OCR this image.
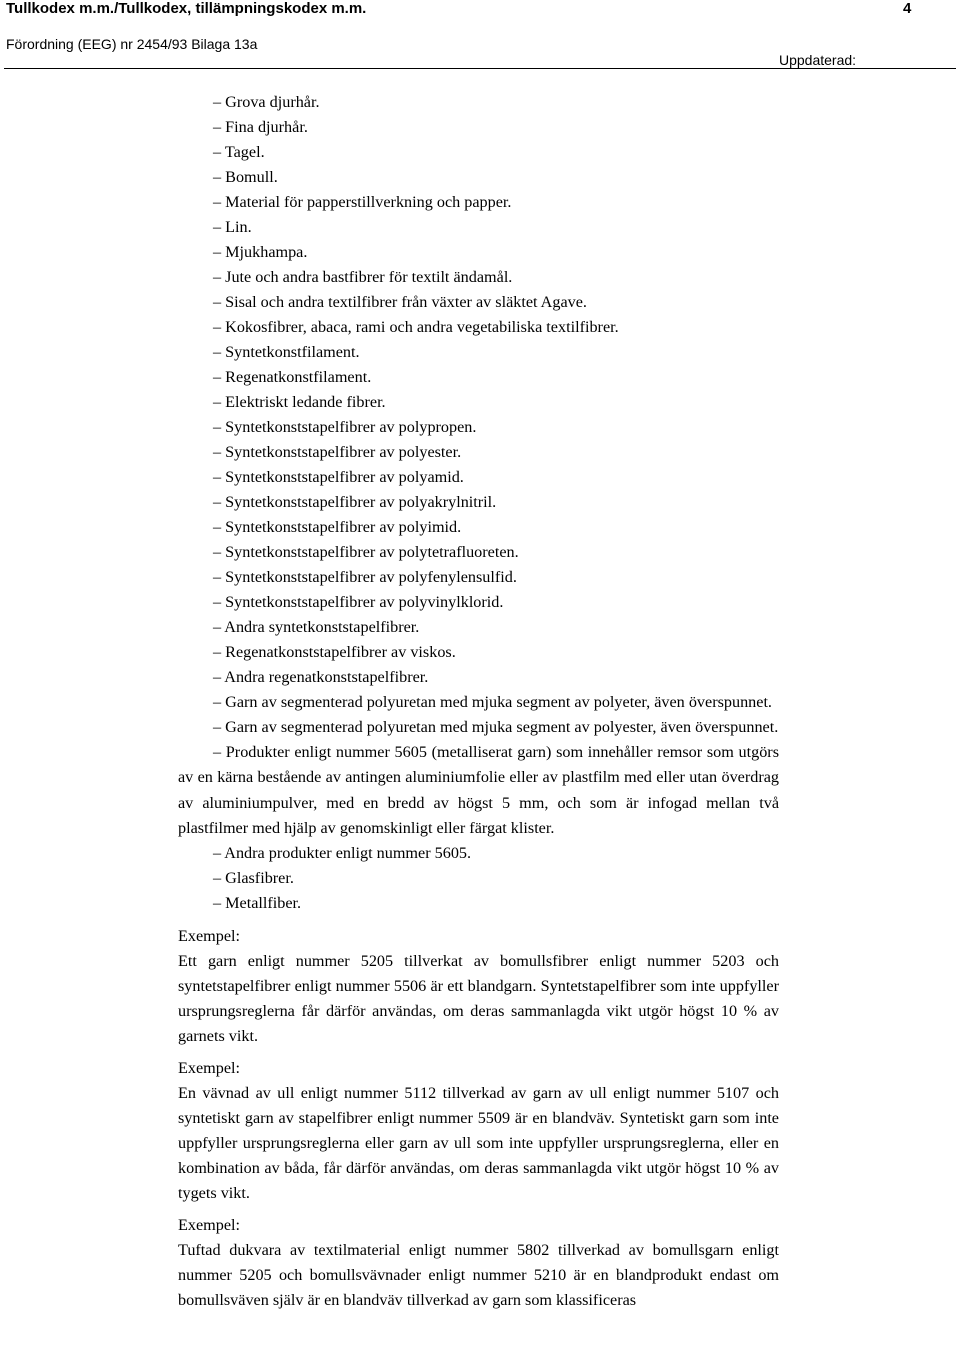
Tullkodex m.m./Tullkodex, tillämpningskodex m.m.	4
Förordning (EEG) nr 2454/93 Bilaga 13a
Uppdaterad:
– Grova djurhår.
– Fina djurhår.
– Tagel.
– Bomull.
– Material för papperstillverkning och papper.
– Lin.
– Mjukhampa.
– Jute och andra bastfibrer för textilt ändamål.
– Sisal och andra textilfibrer från växter av släktet Agave.
– Kokosfibrer, abaca, rami och andra vegetabiliska textilfibrer.
– Syntetkonstfilament.
– Regenatkonstfilament.
– Elektriskt ledande fibrer.
– Syntetkonststapelfibrer av polypropen.
– Syntetkonststapelfibrer av polyester.
– Syntetkonststapelfibrer av polyamid.
– Syntetkonststapelfibrer av polyakrylnitril.
– Syntetkonststapelfibrer av polyimid.
– Syntetkonststapelfibrer av polytetrafluoreten.
– Syntetkonststapelfibrer av polyfenylensulfid.
– Syntetkonststapelfibrer av polyvinylklorid.
– Andra syntetkonststapelfibrer.
– Regenatkonststapelfibrer av viskos.
– Andra regenatkonststapelfibrer.
– Garn av segmenterad polyuretan med mjuka segment av polyeter, även överspunnet.
– Garn av segmenterad polyuretan med mjuka segment av polyester, även överspunnet.
– Produkter enligt nummer 5605 (metalliserat garn) som innehåller remsor som utgörs av en kärna bestående av antingen aluminiumfolie eller av plastfilm med eller utan överdrag av aluminiumpulver, med en bredd av högst 5 mm, och som är infogad mellan två plastfilmer med hjälp av genomskinligt eller färgat klister.
– Andra produkter enligt nummer 5605.
– Glasfibrer.
– Metallfiber.
Exempel:
Ett garn enligt nummer 5205 tillverkat av bomullsfibrer enligt nummer 5203 och syntetstapelfibrer enligt nummer 5506 är ett blandgarn. Syntetstapelfibrer som inte uppfyller ursprungsreglerna får därför användas, om deras sammanlagda vikt utgör högst 10 % av garnets vikt.
Exempel:
En vävnad av ull enligt nummer 5112 tillverkad av garn av ull enligt nummer 5107 och syntetiskt garn av stapelfibrer enligt nummer 5509 är en blandväv. Syntetiskt garn som inte uppfyller ursprungsreglerna eller garn av ull som inte uppfyller ursprungsreglerna, eller en kombination av båda, får därför användas, om deras sammanlagda vikt utgör högst 10 % av tygets vikt.
Exempel:
Tuftad dukvara av textilmaterial enligt nummer 5802 tillverkad av bomullsgarn enligt nummer 5205 och bomullsvävnader enligt nummer 5210 är en blandprodukt endast om bomullsväven själv är en blandväv tillverkad av garn som klassificeras
